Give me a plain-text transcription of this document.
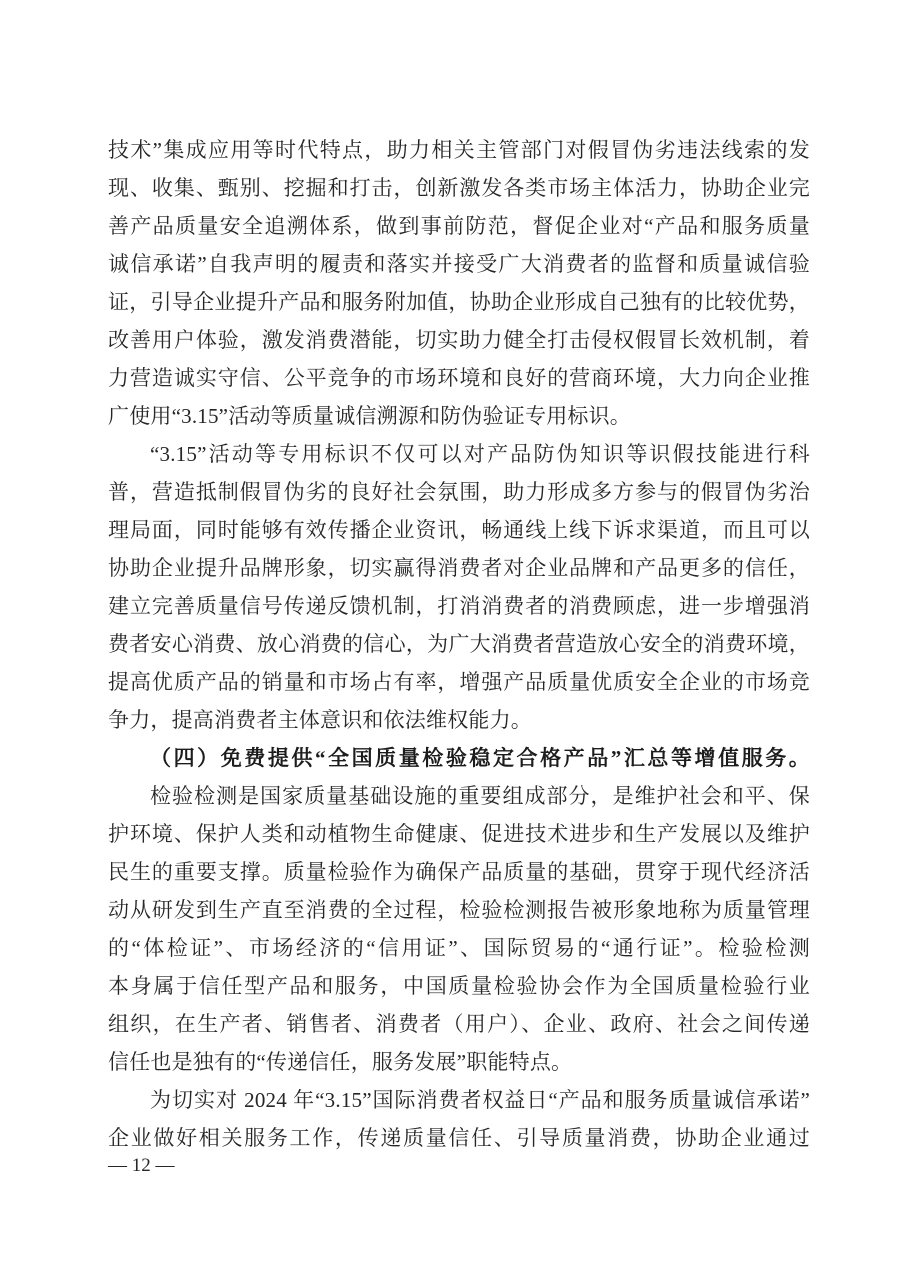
技术”集成应用等时代特点，助力相关主管部门对假冒伪劣违法线索的发
现、收集、甄别、挖掘和打击，创新激发各类市场主体活力，协助企业完
善产品质量安全追溯体系，做到事前防范，督促企业对“产品和服务质量
诚信承诺”自我声明的履责和落实并接受广大消费者的监督和质量诚信验
证，引导企业提升产品和服务附加值，协助企业形成自己独有的比较优势，
改善用户体验，激发消费潜能，切实助力健全打击侵权假冒长效机制，着
力营造诚实守信、公平竞争的市场环境和良好的营商环境，大力向企业推
广使用“3.15”活动等质量诚信溯源和防伪验证专用标识。
“3.15”活动等专用标识不仅可以对产品防伪知识等识假技能进行科
普，营造抵制假冒伪劣的良好社会氛围，助力形成多方参与的假冒伪劣治
理局面，同时能够有效传播企业资讯，畅通线上线下诉求渠道，而且可以
协助企业提升品牌形象，切实赢得消费者对企业品牌和产品更多的信任，
建立完善质量信号传递反馈机制，打消消费者的消费顾虑，进一步增强消
费者安心消费、放心消费的信心，为广大消费者营造放心安全的消费环境，
提高优质产品的销量和市场占有率，增强产品质量优质安全企业的市场竞
争力，提高消费者主体意识和依法维权能力。
（四）免费提供“全国质量检验稳定合格产品”汇总等增值服务。
检验检测是国家质量基础设施的重要组成部分，是维护社会和平、保
护环境、保护人类和动植物生命健康、促进技术进步和生产发展以及维护
民生的重要支撑。质量检验作为确保产品质量的基础，贯穿于现代经济活
动从研发到生产直至消费的全过程，检验检测报告被形象地称为质量管理
的“体检证”、市场经济的“信用证”、国际贸易的“通行证”。检验检测
本身属于信任型产品和服务，中国质量检验协会作为全国质量检验行业
组织，在生产者、销售者、消费者（用户）、企业、政府、社会之间传递
信任也是独有的“传递信任，服务发展”职能特点。
为切实对 2024 年“3.15”国际消费者权益日“产品和服务质量诚信承诺”
企业做好相关服务工作，传递质量信任、引导质量消费，协助企业通过
— 12 —
